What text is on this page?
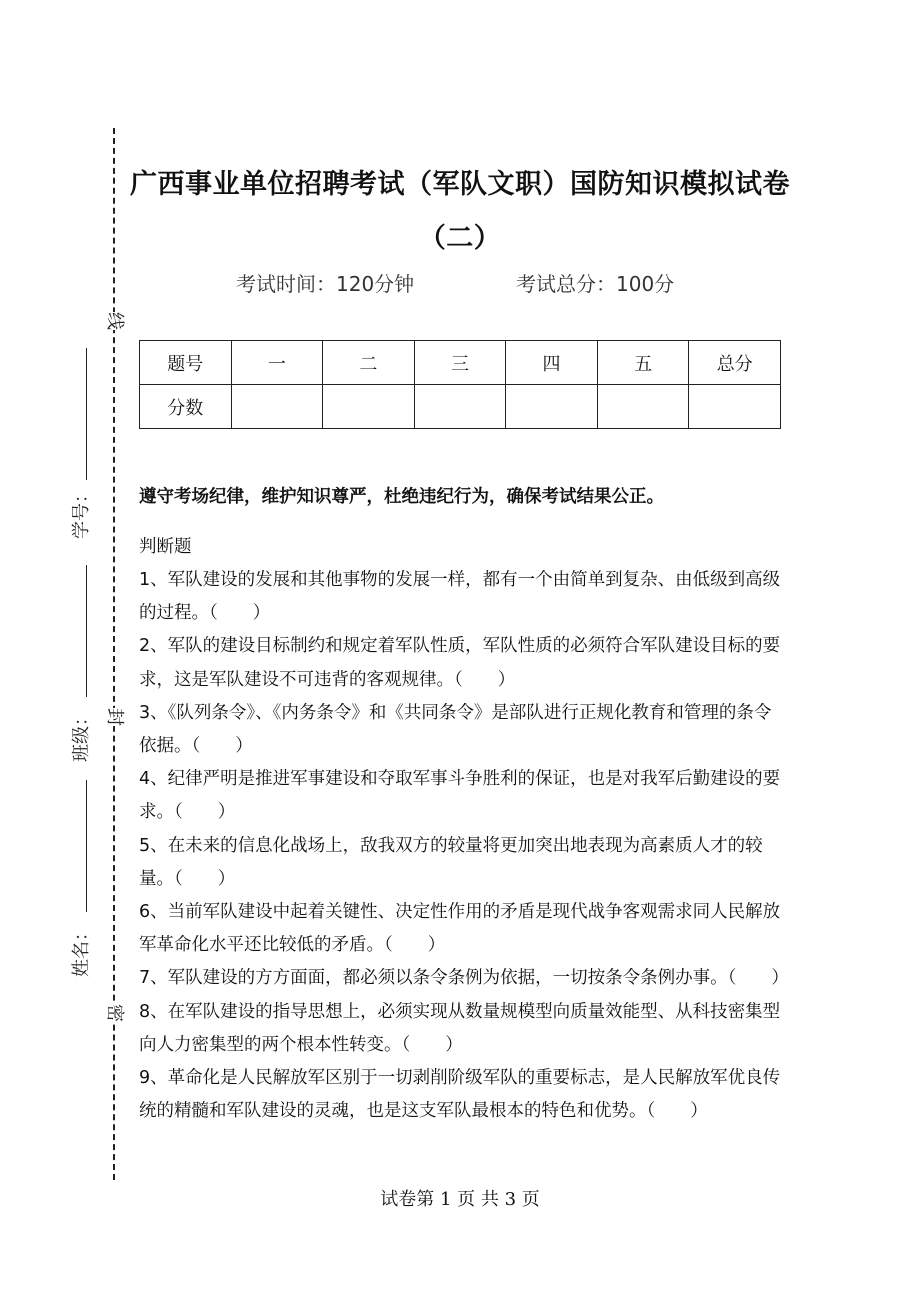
线
封
密
学号：
班级：
姓名：
广西事业单位招聘考试（军队文职）国防知识模拟试卷（二）
考试时间：120分钟	考试总分：100分
题号	一	二	三	四	五	总分
分数						
遵守考场纪律，维护知识尊严，杜绝违纪行为，确保考试结果公正。
判断题

1、军队建设的发展和其他事物的发展一样，都有一个由简单到复杂、由低级到高级的过程。（　　）

2、军队的建设目标制约和规定着军队性质，军队性质的必须符合军队建设目标的要求，这是军队建设不可违背的客观规律。（　　）

3、《队列条令》、《内务条令》和《共同条令》是部队进行正规化教育和管理的条令依据。（　　）

4、纪律严明是推进军事建设和夺取军事斗争胜利的保证，也是对我军后勤建设的要求。（　　）

5、在未来的信息化战场上，敌我双方的较量将更加突出地表现为高素质人才的较量。（　　）

6、当前军队建设中起着关键性、决定性作用的矛盾是现代战争客观需求同人民解放军革命化水平还比较低的矛盾。（　　）

7、军队建设的方方面面，都必须以条令条例为依据，一切按条令条例办事。（　　）

8、在军队建设的指导思想上，必须实现从数量规模型向质量效能型、从科技密集型向人力密集型的两个根本性转变。（　　）

9、革命化是人民解放军区别于一切剥削阶级军队的重要标志，是人民解放军优良传统的精髓和军队建设的灵魂，也是这支军队最根本的特色和优势。（　　）

试卷第 1 页 共 3 页
